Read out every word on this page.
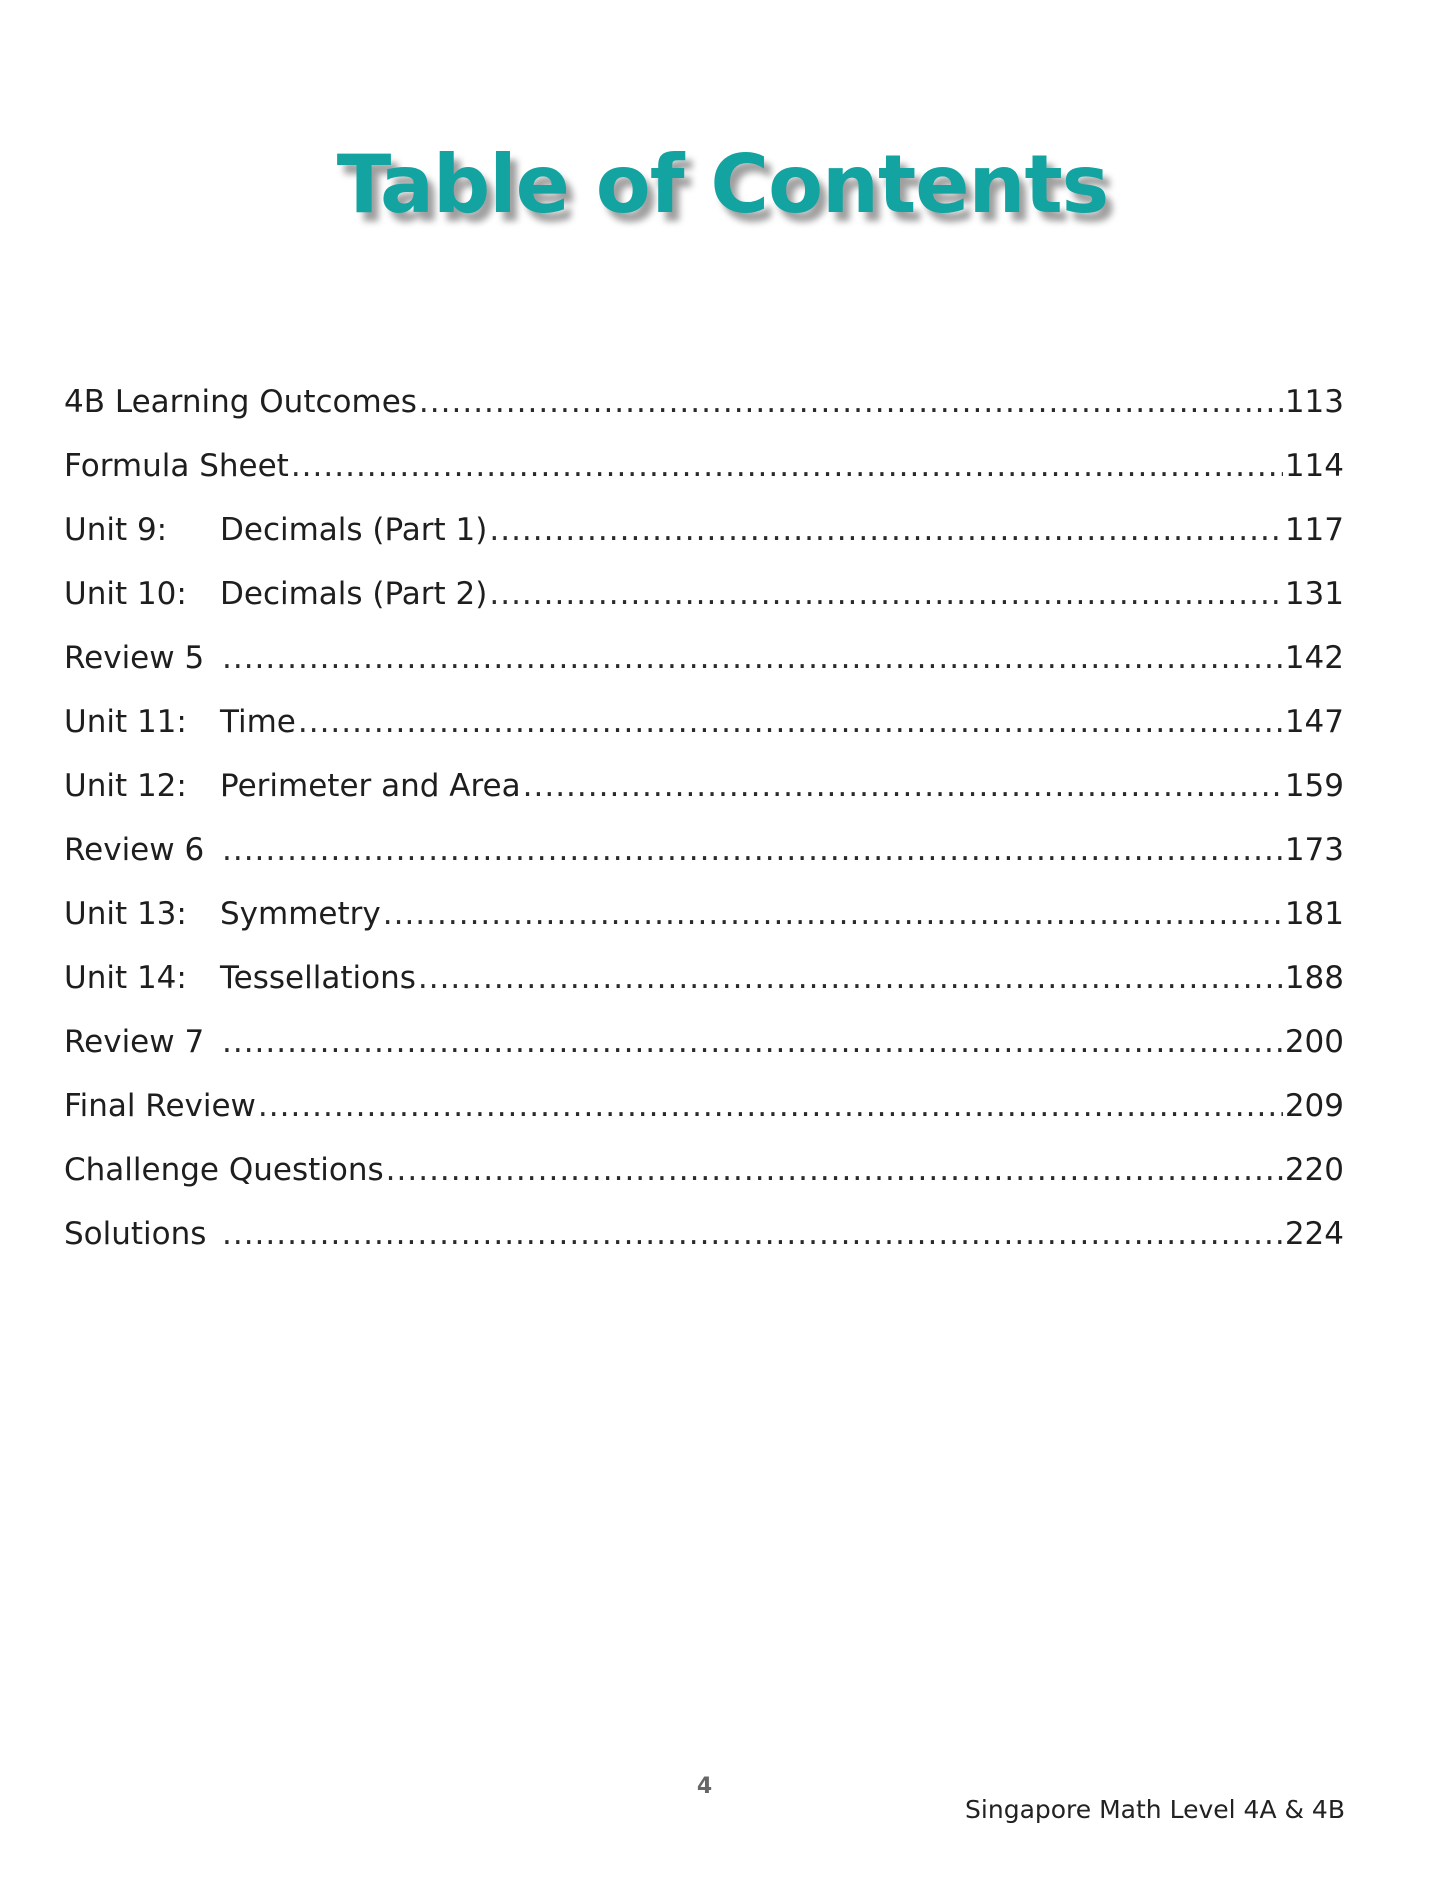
Table of Contents
4B Learning Outcomes .....	113
Formula Sheet .....	114
Unit 9:	Decimals (Part 1) .....	117
Unit 10:	Decimals (Part 2) .....	131
Review 5 .....	142
Unit 11:	Time .....	147
Unit 12:	Perimeter and Area .....	159
Review 6 .....	173
Unit 13:	Symmetry .....	181
Unit 14:	Tessellations .....	188
Review 7 .....	200
Final Review .....	209
Challenge Questions .....	220
Solutions .....	224
4
Singapore Math Level 4A & 4B
